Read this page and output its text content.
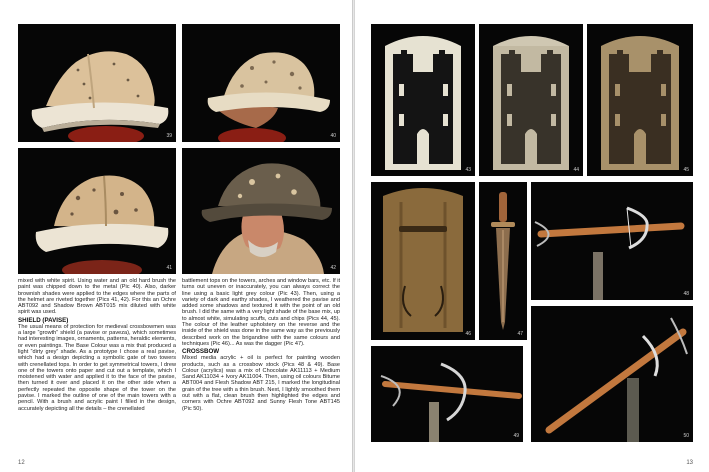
39	40
41	42

mixed with white spirit. Using water and an old hard brush the paint was chipped down to the metal (Pic 40). Also, darker brownish shades were applied to the edges where the parts of the helmet are riveted together (Pics 41, 42). For this an Ochre ABT092 and Shadow Brown ABT015 mix diluted with white spirit was used.

SHIELD (PAVISE)

The usual means of protection for medieval crossbowmen was a large “growth” shield (a pavise or paveza), which sometimes had interesting images, ornaments, patterns, heraldic elements, or even paintings. The Base Colour was a mix that produced a light “dirty grey” shade. As a prototype I chose a real pavise, which had a design depicting a symbolic gate of two towers with crenellated tops. In order to get symmetrical towers, I drew one of the towers onto paper and cut out a template, which I moistened with water and applied it to the face of the pavise, then turned it over and placed it on the other side when a perfectly repeated the opposite shape of the tower on the pavise. I marked the outline of one of the main towers with a pencil. With a brush and acrylic paint I filled in the design, accurately depicting all the details – the crenellated

battlement tops on the towers, arches and window bars, etc. If it turns out uneven or inaccurately, you can always correct the line using a basic light grey colour (Pic 43). Then, using a variety of dark and earthy shades, I weathered the pavise and added some shadows and textured it with the point of an old brush. I did the same with a very light shade of the base mix, up to almost white, simulating scuffs, cuts and chips (Pics 44, 45). The colour of the leather upholstery on the reverse and the inside of the shield was done in the same way as the previously described work on the brigandine with the same colours and techniques (Pic 46)... As was the dagger (Pic 47).

CROSSBOW

Mixed media acrylic + oil is perfect for painting wooden products, such as a crossbow stock (Pics 48 & 49). Base Colour (acrylics) was a mix of Chocolate AK11113 + Medium Sand AK11034 + Ivory AK11004. Then, using oil colours Bitume ABT004 and Flesh Shadow ABT 215, I marked the longitudinal grain of the tree with a thin brush. Next, I lightly smoothed them out with a flat, clean brush then highlighted the edges and corners with Ochre ABT092 and Sunny Flesh Tone ABT145 (Pic 50).

12
43	44	45
46	47
48
49	50
13
